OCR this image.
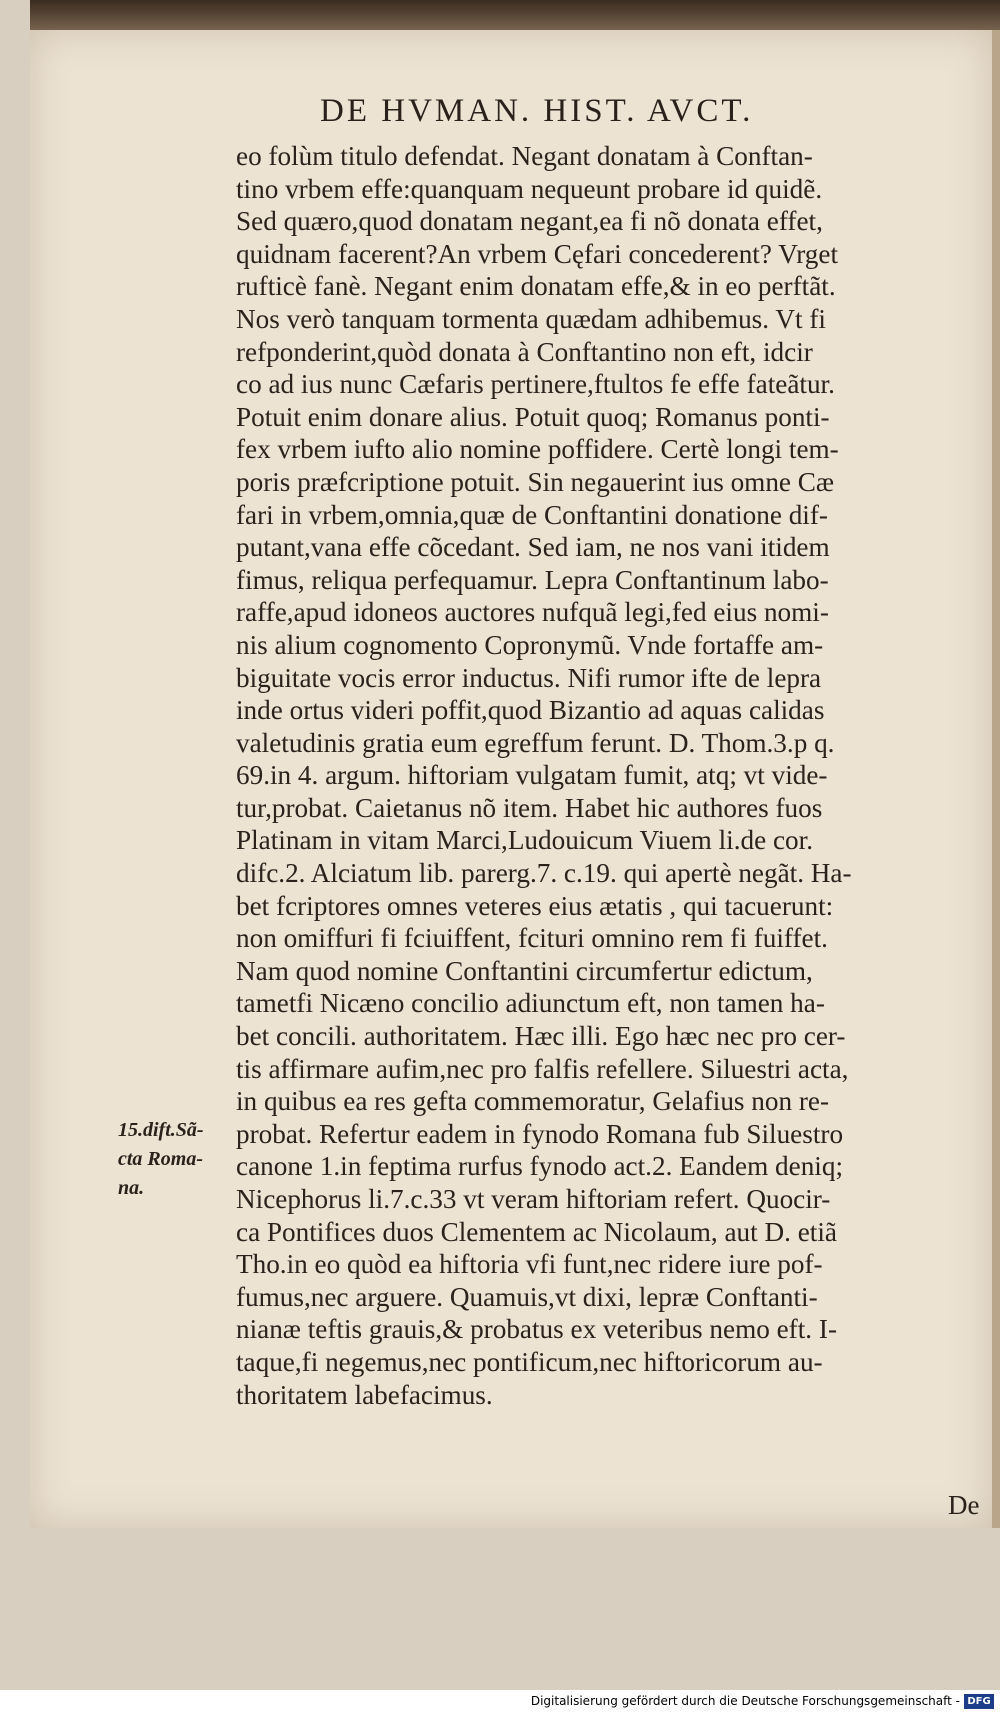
DE HVMAN. HIST. AVCT.
eo folùm titulo defendat. Negant donatam à Conftan-
tino vrbem effe:quanquam nequeunt probare id quidẽ.
Sed quæro,quod donatam negant,ea fi nõ donata effet,
quidnam facerent?An vrbem Cęfari concederent? Vrget
rufticè fanè. Negant enim donatam effe,& in eo perftãt.
Nos verò tanquam tormenta quædam adhibemus. Vt fi
refponderint,quòd donata à Conftantino non eft, idcir
co ad ius nunc Cæfaris pertinere,ftultos fe effe fateãtur.
Potuit enim donare alius. Potuit quoq; Romanus ponti-
fex vrbem iufto alio nomine poffidere. Certè longi tem-
poris præfcriptione potuit. Sin negauerint ius omne Cæ
fari in vrbem,omnia,quæ de Conftantini donatione dif-
putant,vana effe cõcedant. Sed iam, ne nos vani itidem
fimus, reliqua perfequamur. Lepra Conftantinum labo-
raffe,apud idoneos auctores nufquã legi,fed eius nomi-
nis alium cognomento Copronymũ. Vnde fortaffe am-
biguitate vocis error inductus. Nifi rumor ifte de lepra
inde ortus videri poffit,quod Bizantio ad aquas calidas
valetudinis gratia eum egreffum ferunt. D. Thom.3.p q.
69.in 4. argum. hiftoriam vulgatam fumit, atq; vt vide-
tur,probat. Caietanus nõ item. Habet hic authores fuos
Platinam in vitam Marci,Ludouicum Viuem li.de cor.
difc.2. Alciatum lib. parerg.7. c.19. qui apertè negãt. Ha-
bet fcriptores omnes veteres eius ætatis , qui tacuerunt:
non omiffuri fi fciuiffent, fcituri omnino rem fi fuiffet.
Nam quod nomine Conftantini circumfertur edictum,
tametfi Nicæno concilio adiunctum eft, non tamen ha-
bet concili. authoritatem. Hæc illi. Ego hæc nec pro cer-
tis affirmare aufim,nec pro falfis refellere. Siluestri acta,
in quibus ea res gefta commemoratur, Gelafius non re-
probat. Refertur eadem in fynodo Romana fub Siluestro
canone 1.in feptima rurfus fynodo act.2. Eandem deniq;
Nicephorus li.7.c.33 vt veram hiftoriam refert. Quocir-
ca Pontifices duos Clementem ac Nicolaum, aut D. etiã
Tho.in eo quòd ea hiftoria vfi funt,nec ridere iure pof-
fumus,nec arguere. Quamuis,vt dixi, lepræ Conftanti-
nianæ teftis grauis,& probatus ex veteribus nemo eft. I-
taque,fi negemus,nec pontificum,nec hiftoricorum au-
thoritatem labefacimus.
15.dift.Sã-
cta Roma-
na.
De
Digitalisierung gefördert durch die Deutsche Forschungsgemeinschaft - DFG
